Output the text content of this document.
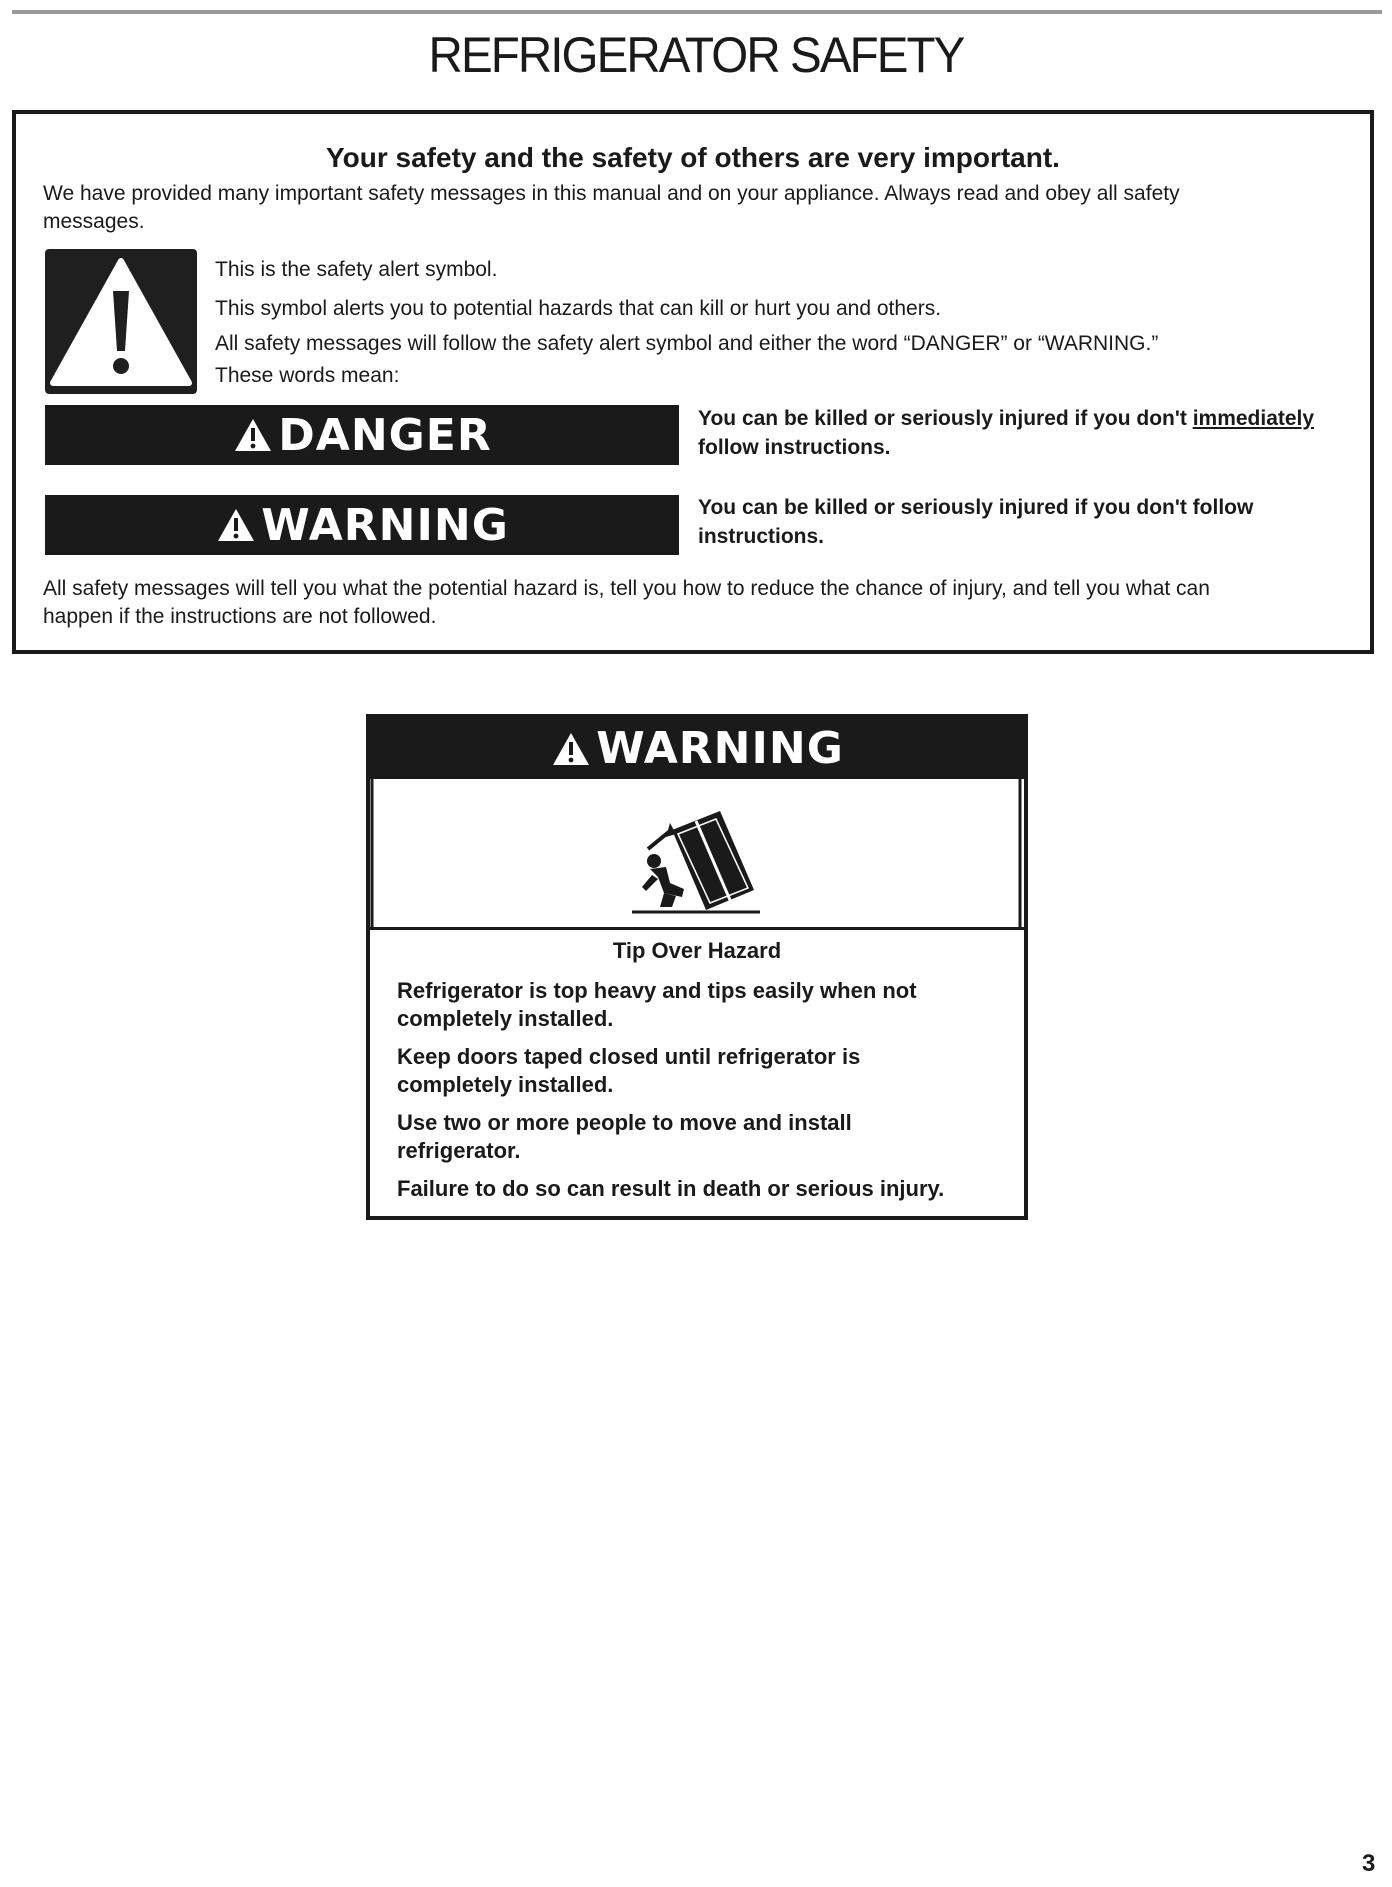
REFRIGERATOR SAFETY
Your safety and the safety of others are very important.
We have provided many important safety messages in this manual and on your appliance. Always read and obey all safety
messages.
This is the safety alert symbol.
This symbol alerts you to potential hazards that can kill or hurt you and others.
All safety messages will follow the safety alert symbol and either the word “DANGER” or “WARNING.”
These words mean:
DANGER	You can be killed or seriously injured if you don't immediately
follow instructions.
WARNING	You can be killed or seriously injured if you don't follow
instructions.
All safety messages will tell you what the potential hazard is, tell you how to reduce the chance of injury, and tell you what can
happen if the instructions are not followed.
WARNING
Tip Over Hazard
Refrigerator is top heavy and tips easily when not
completely installed.
Keep doors taped closed until refrigerator is
completely installed.
Use two or more people to move and install
refrigerator.
Failure to do so can result in death or serious injury.
3
